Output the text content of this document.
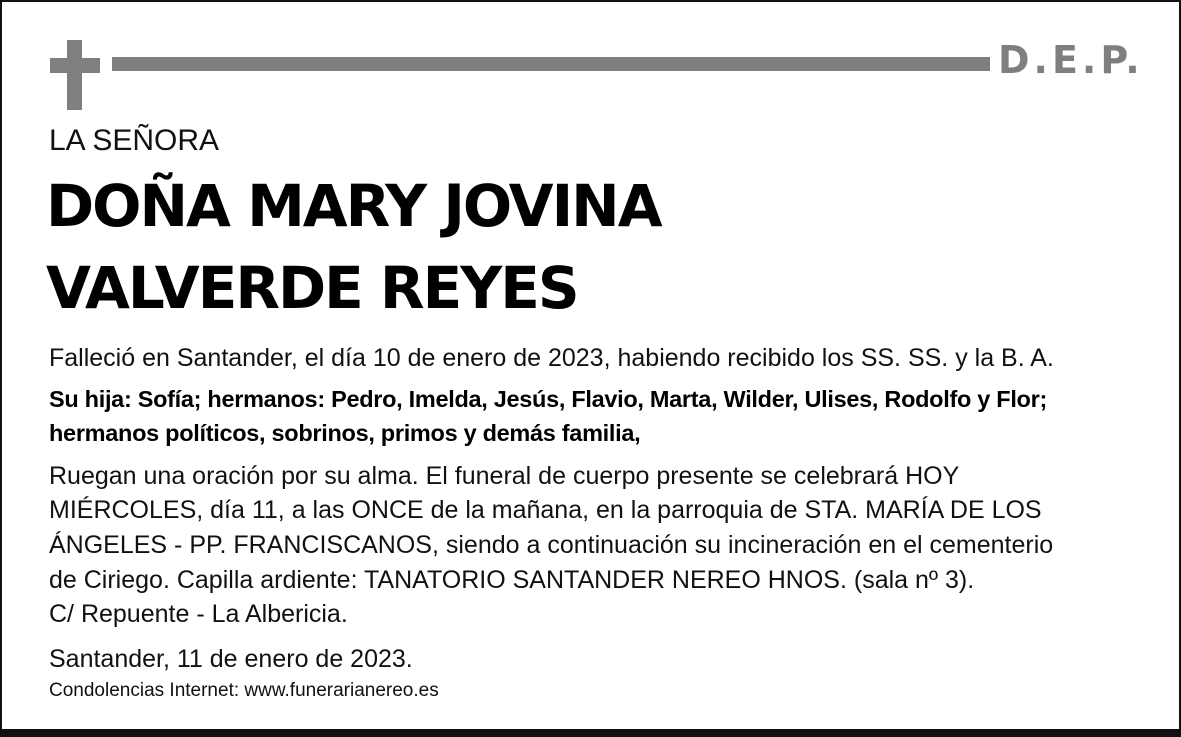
D.E.P.
LA SEÑORA
DOÑA MARY JOVINA
VALVERDE REYES
Falleció en Santander, el día 10 de enero de 2023, habiendo recibido los SS. SS. y la B. A.
Su hija: Sofía; hermanos: Pedro, Imelda, Jesús, Flavio, Marta, Wilder, Ulises, Rodolfo y Flor;
hermanos políticos, sobrinos, primos y demás familia,
Ruegan una oración por su alma. El funeral de cuerpo presente se celebrará HOY
MIÉRCOLES, día 11, a las ONCE de la mañana, en la parroquia de STA. MARÍA DE LOS
ÁNGELES - PP. FRANCISCANOS, siendo a continuación su incineración en el cementerio
de Ciriego. Capilla ardiente: TANATORIO SANTANDER NEREO HNOS. (sala nº 3).
C/ Repuente - La Albericia.
Santander, 11 de enero de 2023.
Condolencias Internet: www.funerarianereo.es
